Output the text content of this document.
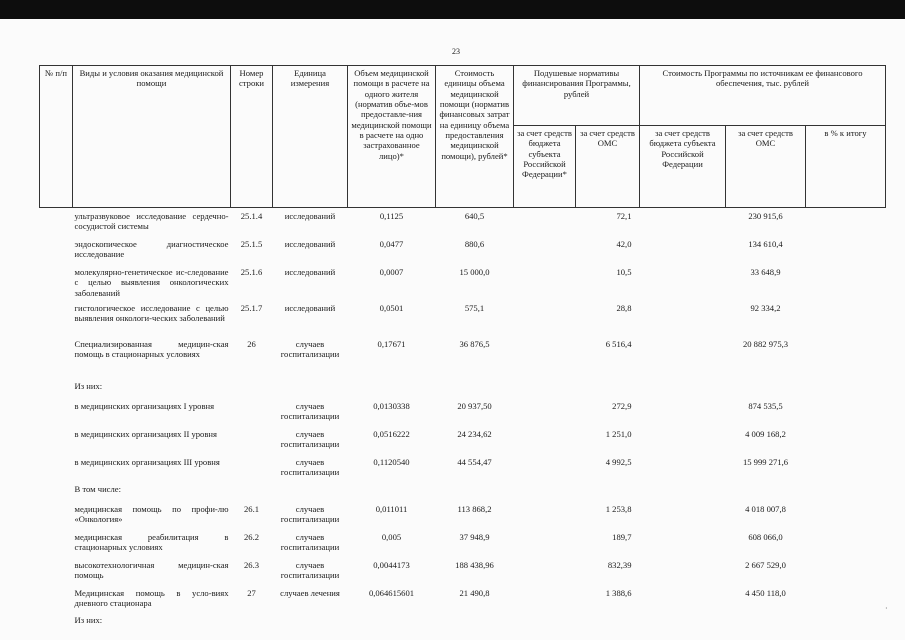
23
№ п/п	Виды и условия оказания медицинской помощи	Номер строки	Единица измерения	Объем медицинской помощи в расчете на одного жителя (норматив объе-мов предоставле-ния медицинской помощи в расчете на одно застрахованное лицо)*	Стоимость единицы объема медицинской помощи (норматив финансовых затрат на единицу объема предоставления медицинской помощи), рублей*	Подушевые нормативы финансирования Программы, рублей		Стоимость Программы по источникам ее финансового обеспечения, тыс. рублей		
						за счет средств бюджета субъекта Российской Федерации*	за счет средств ОМС	за счет средств бюджета субъекта Российской Федерации	за счет средств ОМС	в % к итогу
	ультразвуковое исследование сердечно-сосудистой системы	25.1.4	исследований	0,1125	640,5		72,1		230 915,6	
	эндоскопическое диагностическое исследование	25.1.5	исследований	0,0477	880,6		42,0		134 610,4	
	молекулярно-генетическое ис-следование с целью выявления онкологических заболеваний	25.1.6	исследований	0,0007	15 000,0		10,5		33 648,9	
	гистологическое исследование с целью выявления онкологи-ческих заболеваний	25.1.7	исследований	0,0501	575,1		28,8		92 334,2	
	Специализированная медицин-ская помощь в стационарных условиях	26	случаев госпитализации	0,17671	36 876,5		6 516,4		20 882 975,3	
	Из них:									
	в медицинских организациях I уровня		случаев госпитализации	0,0130338	20 937,50		272,9		874 535,5	
	в медицинских организациях II уровня		случаев госпитализации	0,0516222	24 234,62		1 251,0		4 009 168,2	
	в медицинских организациях III уровня		случаев госпитализации	0,1120540	44 554,47		4 992,5		15 999 271,6	
	В том числе:									
	медицинская помощь по профи-лю «Онкология»	26.1	случаев госпитализации	0,011011	113 868,2		1 253,8		4 018 007,8	
	медицинская реабилитация в стационарных условиях	26.2	случаев госпитализации	0,005	37 948,9		189,7		608 066,0	
	высокотехнологичная медицин-ская помощь	26.3	случаев госпитализации	0,0044173	188 438,96		832,39		2 667 529,0	
	Медицинская помощь в усло-виях дневного стационара	27	случаев лечения	0,064615601	21 490,8		1 388,6		4 450 118,0	
	Из них:									
·
